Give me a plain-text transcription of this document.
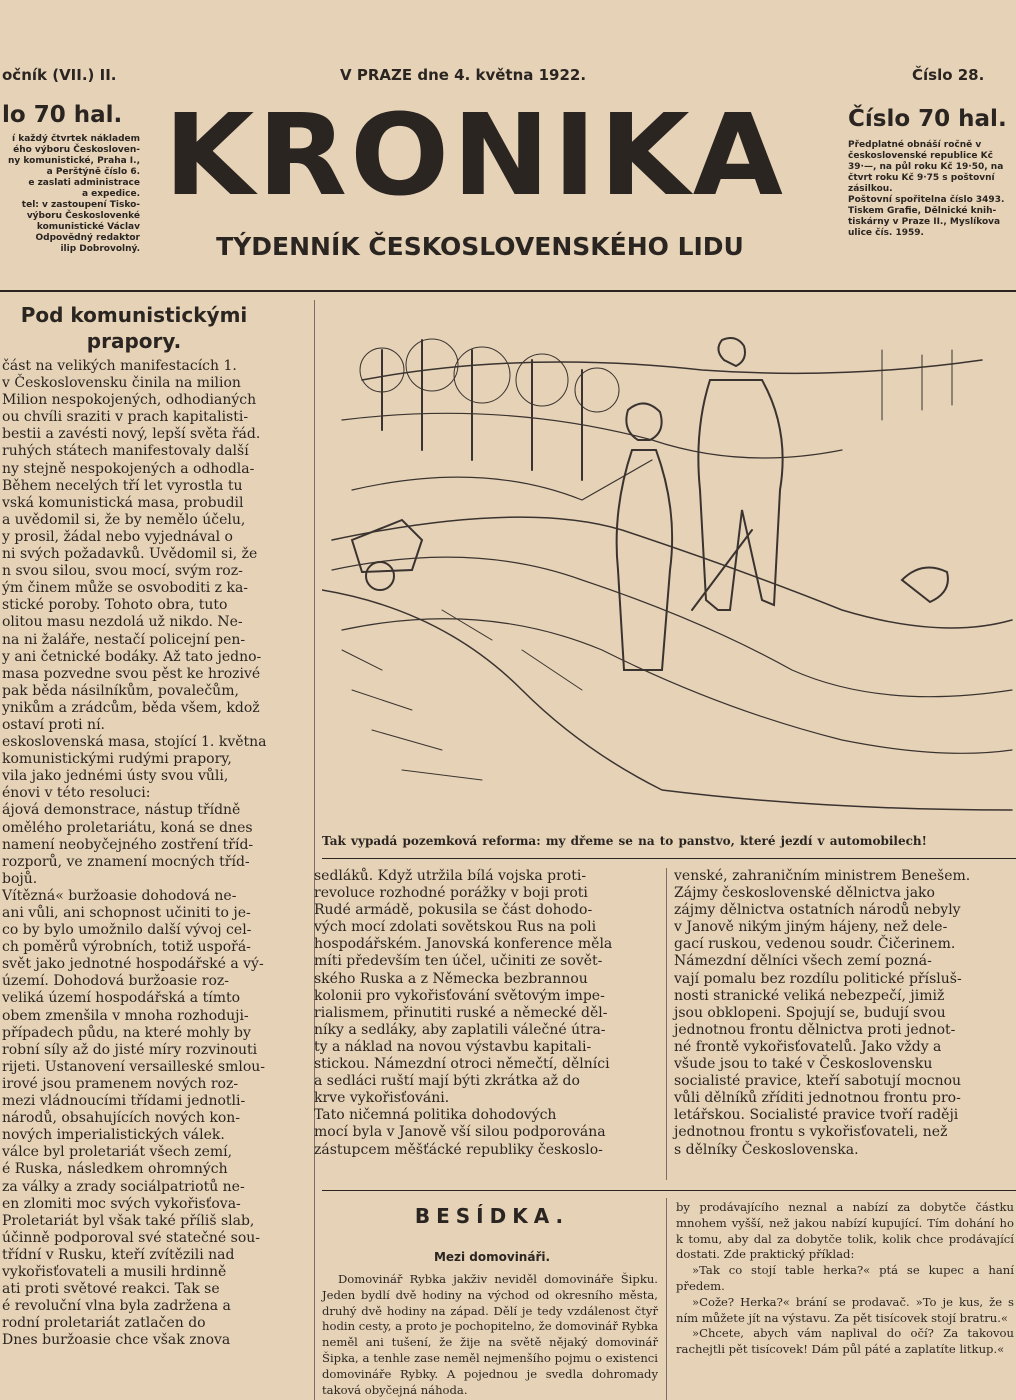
očník (VII.) II.	V PRAZE dne 4. května 1922.	Číslo 28.
lo 70 hal.
í každý čtvrtek nákladem
ého výboru Českosloven-
ny komunistické, Praha I.,
a Perštýně číslo 6.
e zaslati administrace
a expedice.
tel: v zastoupení Tisko-
výboru Českoslovenké
komunistické Václav
Odpovědný redaktor
ilip Dobrovolný.
KRONIKA
TÝDENNÍK ČESKOSLOVENSKÉHO LIDU
Číslo 70 hal.
Předplatné obnáší ročně v
československé republice Kč
39·—, na půl roku Kč 19·50, na
čtvrt roku Kč 9·75 s poštovní
zásilkou.
Poštovní spořitelna číslo 3493.
Tiskem Grafie, Dělnické knih-
tiskárny v Praze II., Myslíkova
ulice čís. 1959.
Pod komunistickými
prapory.
část na velikých manifestacích 1.
v Československu činila na milion
Milion nespokojených, odhodianých
ou chvíli sraziti v prach kapitalisti-
bestii a zavésti nový, lepší světa řád.
ruhých státech manifestovaly další
ny stejně nespokojených a odhodla-
Během necelých tří let vyrostla tu
vská komunistická masa, probudil
a uvědomil si, že by nemělo účelu,
y prosil, žádal nebo vyjednával o
ni svých požadavků. Uvědomil si, že
n svou silou, svou mocí, svým roz-
ým činem může se osvoboditi z ka-
stické poroby. Tohoto obra, tuto
olitou masu nezdolá už nikdo. Ne-
na ni žaláře, nestačí policejní pen-
y ani četnické bodáky. Až tato jedno-
masa pozvedne svou pěst ke hrozivé
pak běda násilníkům, povalečům,
ynikům a zrádcům, běda všem, kdož
ostaví proti ní.
eskoslovenská masa, stojící 1. května
komunistickými rudými prapory,
vila jako jednémi ústy svou vůli,
énovi v této resoluci:
ájová demonstrace, nástup třídně
omělého proletariátu, koná se dnes
namení neobyčejného zostření tříd-
rozporů, ve znamení mocných tříd-
bojů.
Vítězná« buržoasie dohodová ne-
ani vůli, ani schopnost učiniti to je-
co by bylo umožnilo další vývoj cel-
ch poměrů výrobních, totiž uspořá-
svět jako jednotné hospodářské a vý-
území. Dohodová buržoasie roz-
veliká území hospodářská a tímto
obem zmenšila v mnoha rozhoduji-
případech půdu, na které mohly by
robní síly až do jisté míry rozvinouti
rijeti. Ustanovení versailleské smlou-
irové jsou pramenem nových roz-
mezi vládnoucími třídami jednotli-
národů, obsahujících nových kon-
nových imperialistických válek.
válce byl proletariát všech zemí,
é Ruska, následkem ohromných
za války a zrady sociálpatriotů ne-
en zlomiti moc svých vykořisťova-
Proletariát byl však také příliš slab,
účinně podporoval své statečné sou-
třídní v Rusku, kteří zvítězili nad
vykořisťovateli a musili hrdinně
ati proti světové reakci. Tak se
é revoluční vlna byla zadržena a
rodní proletariát zatlačen do
Dnes buržoasie chce však znova
Tak vypadá pozemková reforma: my dřeme se na to panstvo, které jezdí v automobilech!
sedláků. Když utržila bílá vojska proti-
revoluce rozhodné porážky v boji proti
Rudé armádě, pokusila se část dohodo-
vých mocí zdolati sovětskou Rus na poli
hospodářském. Janovská konference měla
míti především ten účel, učiniti ze sovět-
ského Ruska a z Německa bezbrannou
kolonii pro vykořisťování světovým impe-
rialismem, přinutiti ruské a německé děl-
níky a sedláky, aby zaplatili válečné útra-
ty a náklad na novou výstavbu kapitali-
stickou. Námezdní otroci němečtí, dělníci
a sedláci ruští mají býti zkrátka až do
krve vykořisťováni.
Tato ničemná politika dohodových
mocí byla v Janově vší silou podporována
zástupcem měšťácké republiky českoslo-
venské, zahraničním ministrem Benešem.
Zájmy československé dělnictva jako
zájmy dělnictva ostatních národů nebyly
v Janově nikým jiným hájeny, než dele-
gací ruskou, vedenou soudr. Čičerinem.
Námezdní dělníci všech zemí pozná-
vají pomalu bez rozdílu politické přísluš-
nosti stranické veliká nebezpečí, jimiž
jsou obklopeni. Spojují se, budují svou
jednotnou frontu dělnictva proti jednot-
né frontě vykořisťovatelů. Jako vždy a
všude jsou to také v Československu
socialisté pravice, kteří sabotují mocnou
vůli dělníků zříditi jednotnou frontu pro-
letářskou. Socialisté pravice tvoří raději
jednotnou frontu s vykořisťovateli, než
s dělníky Československa.
BESÍDKA.
Mezi domovináři.

Domovinář Rybka jakživ neviděl domovináře Šipku. Jeden bydlí dvě hodiny na východ od okresního města, druhý dvě hodiny na západ. Dělí je tedy vzdálenost čtyř hodin cesty, a proto je pochopitelno, že domovinář Rybka neměl ani tušení, že žije na světě nějaký domovinář Šipka, a tenhle zase neměl nejmenšího pojmu o existenci domovináře Rybky. A pojednou je svedla dohromady taková obyčejná náhoda.

by prodávajícího neznal a nabízí za dobytče částku mnohem vyšší, než jakou nabízí kupující. Tím dohání ho k tomu, aby dal za dobytče tolik, kolik chce prodávající dostati. Zde praktický příklad:

»Tak co stojí table herka?« ptá se kupec a haní předem.

»Cože? Herka?« brání se prodavač. »To je kus, že s ním můžete jít na výstavu. Za pět tisícovek stojí bratru.«

»Chcete, abych vám naplival do očí? Za takovou rachejtli pět tisícovek! Dám půl páté a zaplatíte litkup.«
